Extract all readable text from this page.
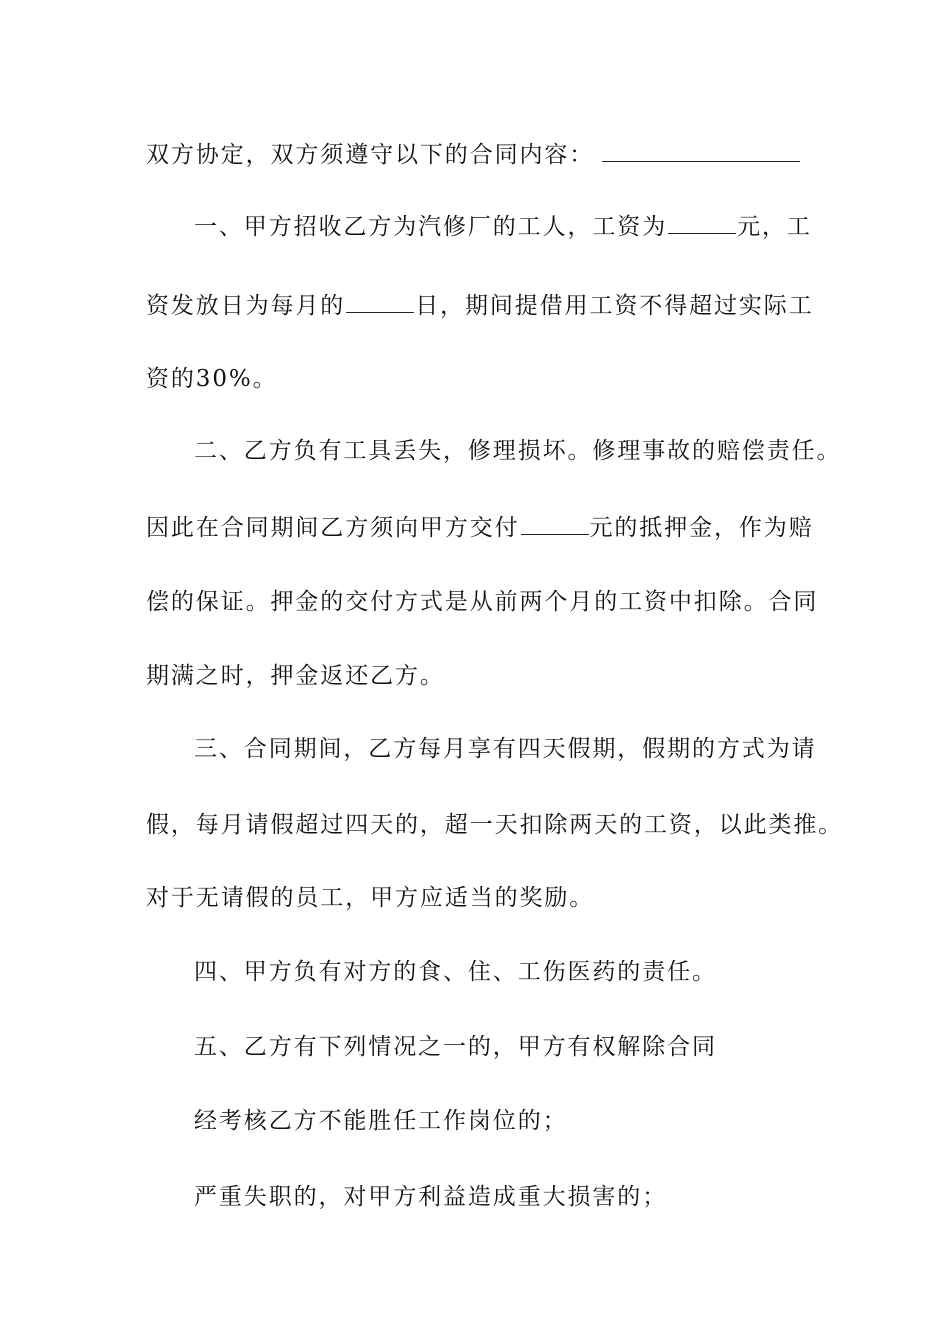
双方协定，双方须遵守以下的合同内容：
一、甲方招收乙方为汽修厂的工人，工资为	元，工
资发放日为每月的	日，期间提借用工资不得超过实际工
资的30%。
二、乙方负有工具丢失，修理损坏。修理事故的赔偿责任。
因此在合同期间乙方须向甲方交付	元的抵押金，作为赔
偿的保证。押金的交付方式是从前两个月的工资中扣除。合同
期满之时，押金返还乙方。
三、合同期间，乙方每月享有四天假期，假期的方式为请
假，每月请假超过四天的，超一天扣除两天的工资，以此类推。
对于无请假的员工，甲方应适当的奖励。
四、甲方负有对方的食、住、工伤医药的责任。
五、乙方有下列情况之一的，甲方有权解除合同
经考核乙方不能胜任工作岗位的；
严重失职的，对甲方利益造成重大损害的；
